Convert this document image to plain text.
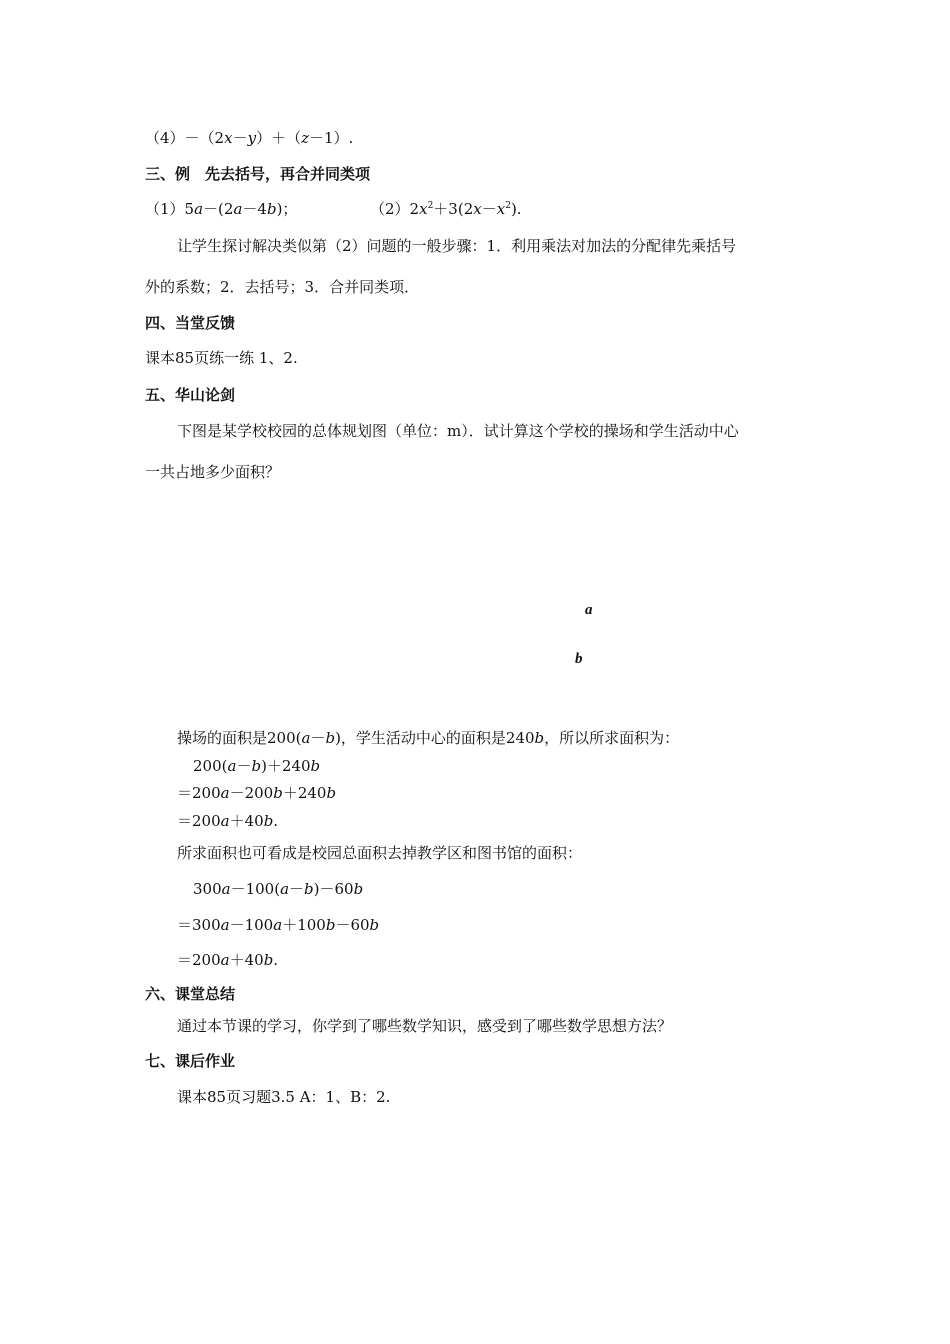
（4）－（2x－y）＋（z－1）.
三、例　先去括号，再合并同类项
（1）5a－(2a－4b)；	$(2)2x^2+3(2x-x^2)$.
让学生探讨解决类似第（2）问题的一般步骤：1．利用乘法对加法的分配律先乘括号
外的系数；2．去括号；3．合并同类项．
四、当堂反馈
课本85页练一练 1、2.
五、华山论剑
下图是某学校校园的总体规划图（单位：m）．试计算这个学校的操场和学生活动中心
一共占地多少面积？
a
b
操场的面积是200(a－b)，学生活动中心的面积是240b，所以所求面积为：
200(a－b)＋240b
＝200a－200b＋240b
＝200a＋40b.
所求面积也可看成是校园总面积去掉教学区和图书馆的面积：
300a－100(a－b)－60b
＝300a－100a＋100b－60b
＝200a＋40b.
六、课堂总结
通过本节课的学习，你学到了哪些数学知识，感受到了哪些数学思想方法？
七、课后作业
课本85页习题3.5 A：1、B：2.
